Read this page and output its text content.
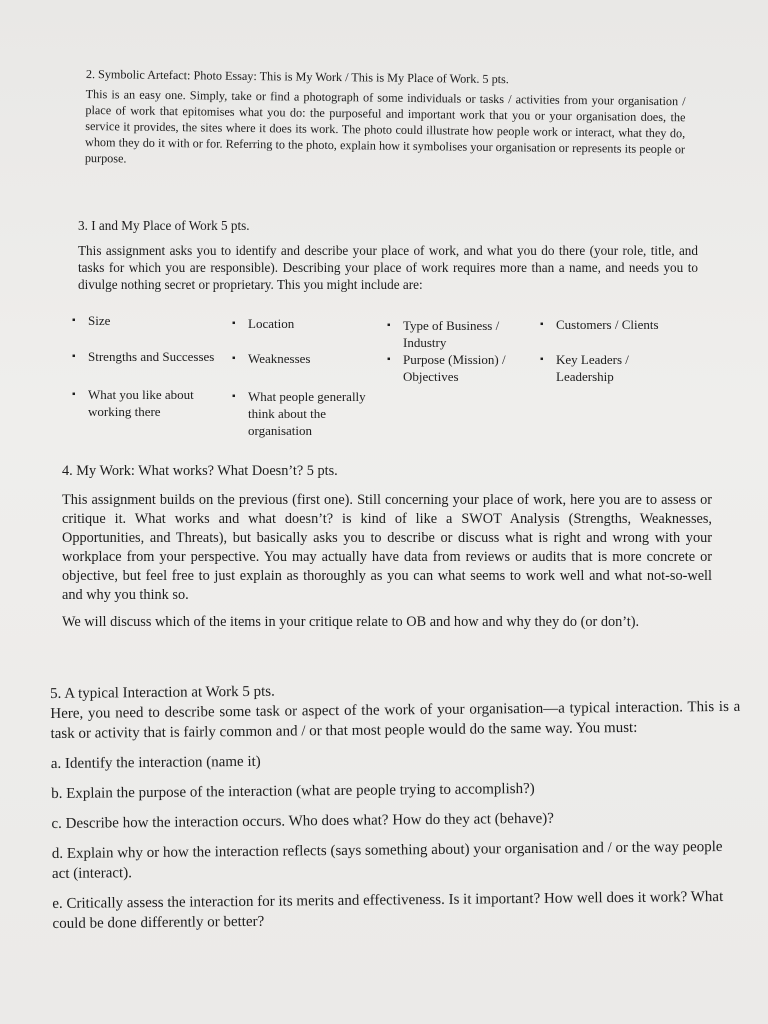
2. Symbolic Artefact: Photo Essay: This is My Work / This is My Place of Work. 5 pts.

This is an easy one. Simply, take or find a photograph of some individuals or tasks / activities from your organisation / place of work that epitomises what you do: the purposeful and important work that you or your organisation does, the service it provides, the sites where it does its work. The photo could illustrate how people work or interact, what they do, whom they do it with or for. Referring to the photo, explain how it symbolises your organisation or represents its people or purpose.

3. I and My Place of Work 5 pts.

This assignment asks you to identify and describe your place of work, and what you do there (your role, title, and tasks for which you are responsible). Describing your place of work requires more than a name, and needs you to divulge nothing secret or proprietary. This you might include are:

▪ Size	▪ Location	▪ Type of Business / Industry
▪ Customers / Clients
▪ Strengths and Successes	▪ Weaknesses	▪ Purpose (Mission) / Objectives
▪ Key Leaders / Leadership
▪ What you like about working there
▪ What people generally think about the organisation

4. My Work: What works? What Doesn’t? 5 pts.

This assignment builds on the previous (first one). Still concerning your place of work, here you are to assess or critique it. What works and what doesn’t? is kind of like a SWOT Analysis (Strengths, Weaknesses, Opportunities, and Threats), but basically asks you to describe or discuss what is right and wrong with your workplace from your perspective. You may actually have data from reviews or audits that is more concrete or objective, but feel free to just explain as thoroughly as you can what seems to work well and what not-so-well and why you think so.

We will discuss which of the items in your critique relate to OB and how and why they do (or don’t).

5. A typical Interaction at Work 5 pts.

Here, you need to describe some task or aspect of the work of your organisation—a typical interaction. This is a task or activity that is fairly common and / or that most people would do the same way. You must:

a. Identify the interaction (name it)

b. Explain the purpose of the interaction (what are people trying to accomplish?)

c. Describe how the interaction occurs. Who does what? How do they act (behave)?

d. Explain why or how the interaction reflects (says something about) your organisation and / or the way people act (interact).

e. Critically assess the interaction for its merits and effectiveness. Is it important? How well does it work? What could be done differently or better?
